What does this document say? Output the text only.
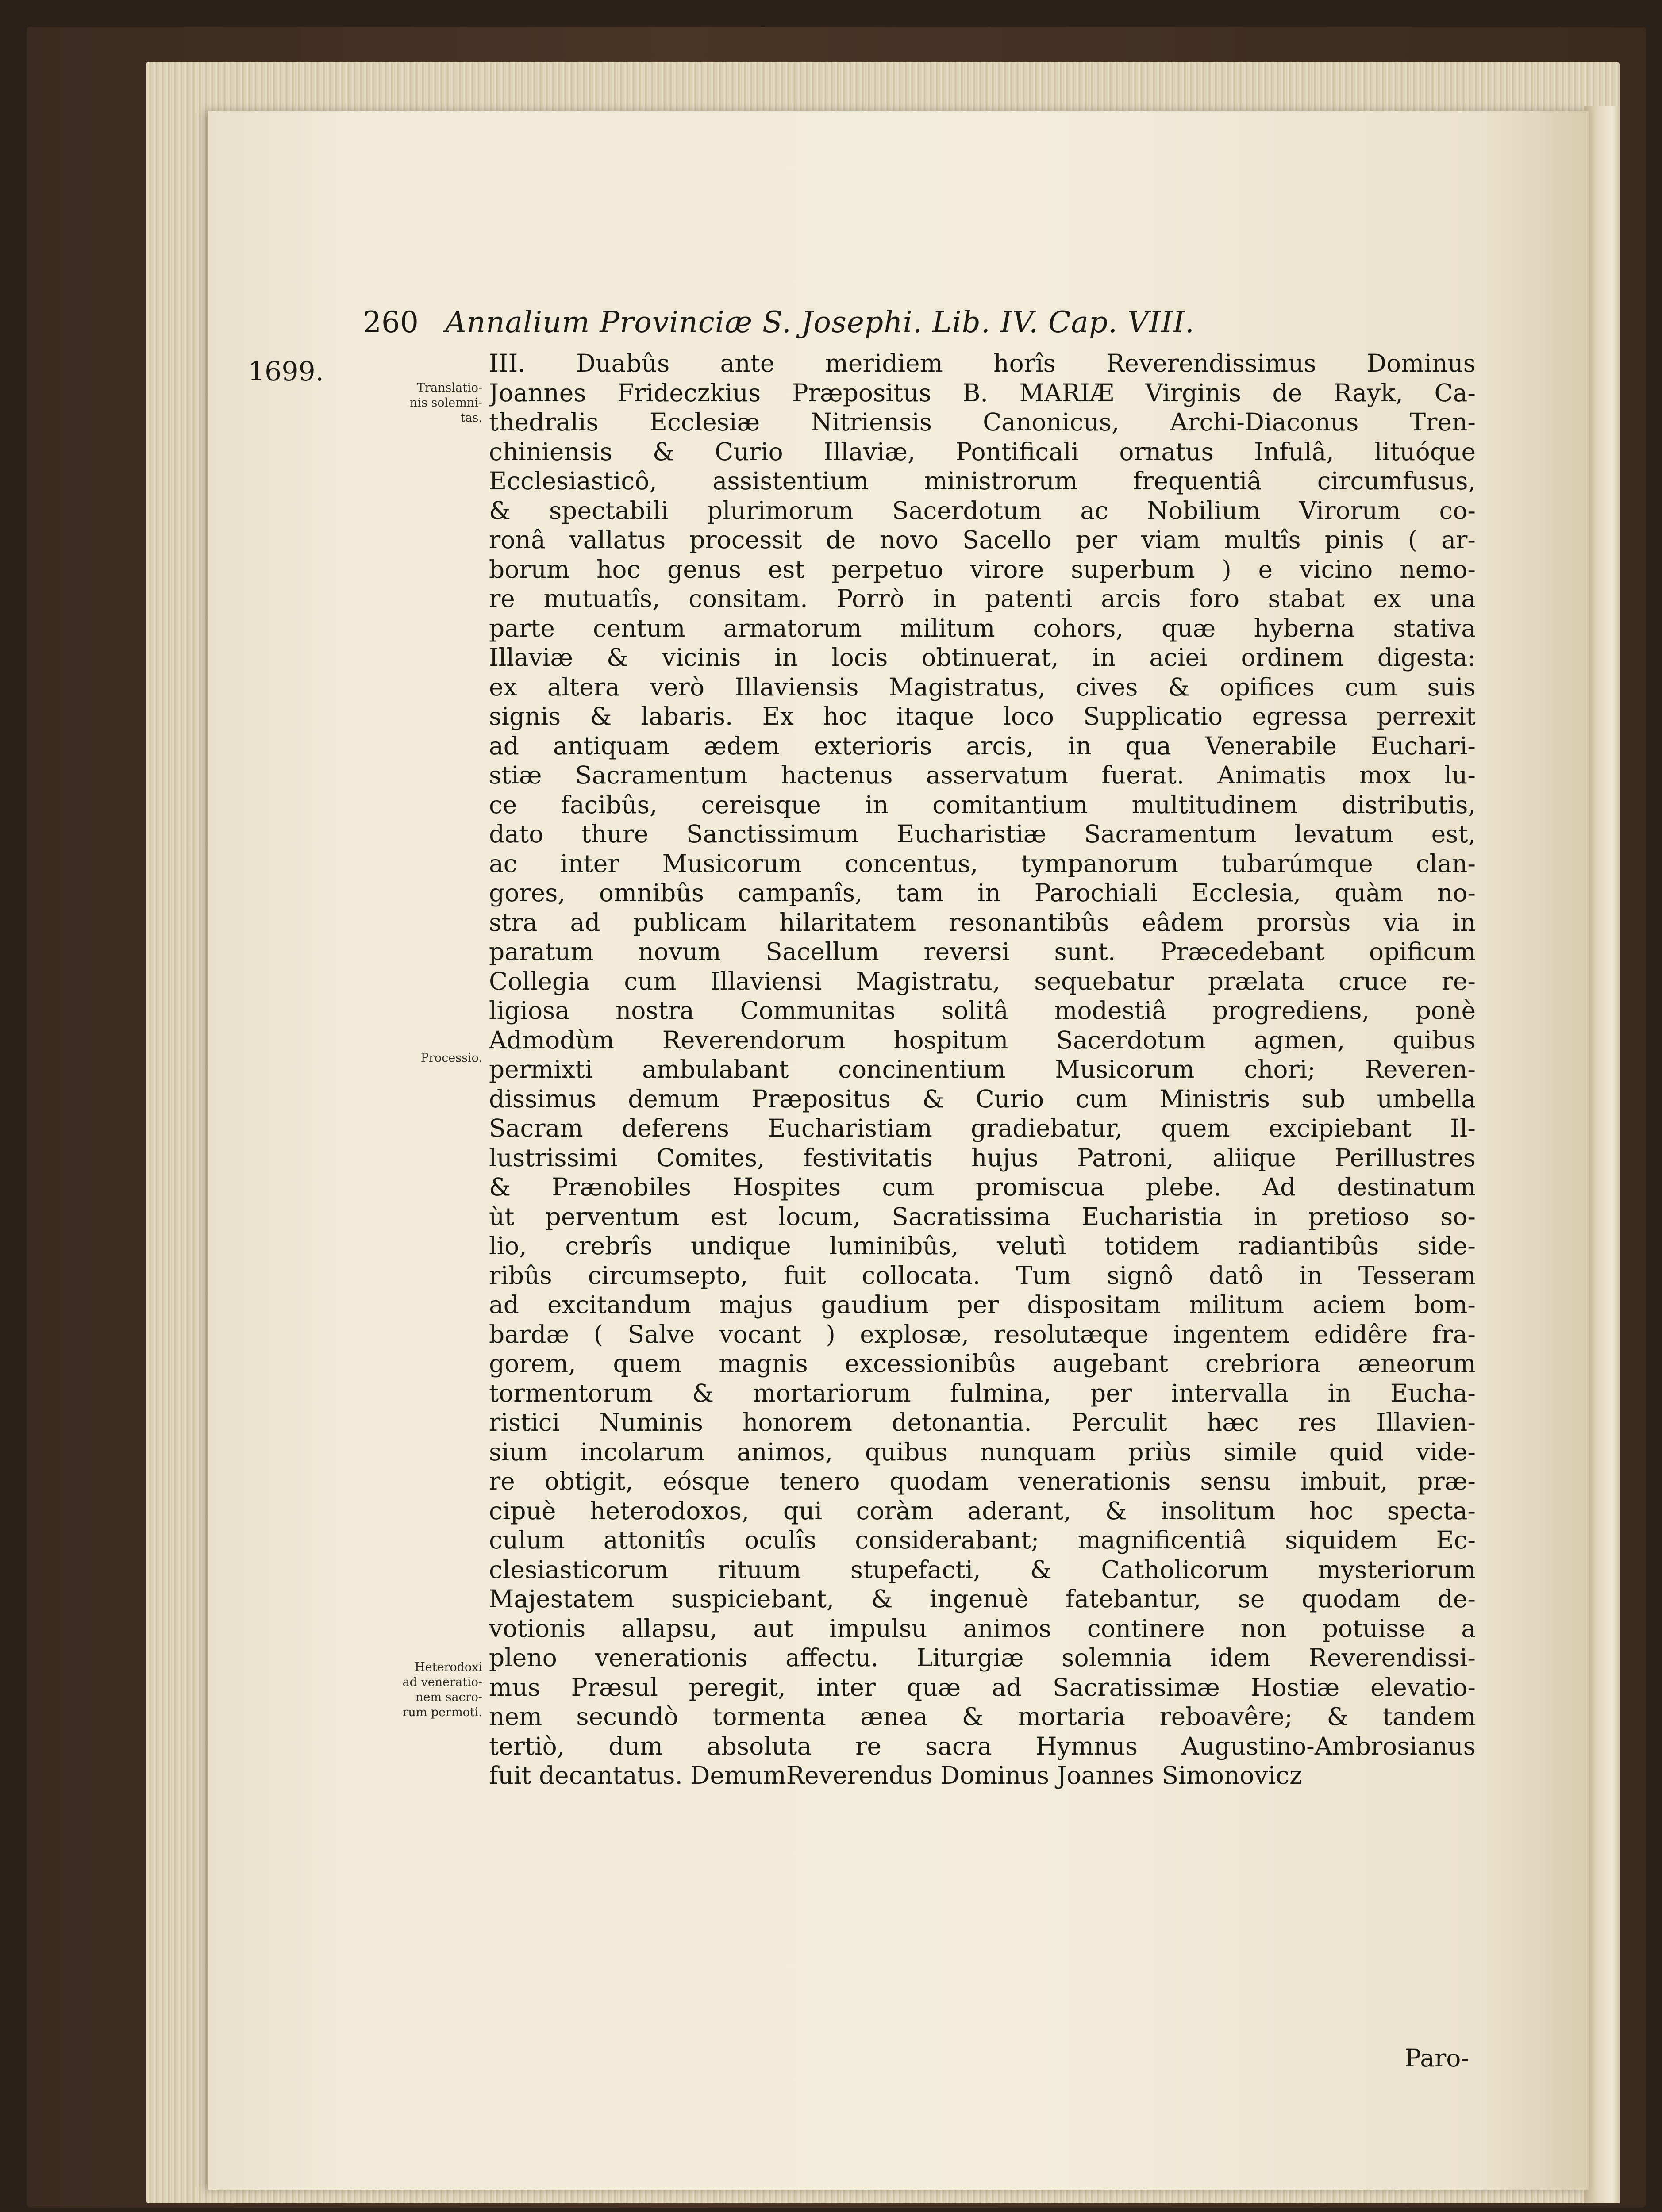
260 Annalium Provinciæ S. Josephi. Lib. IV. Cap. VIII.
1699.
Translatio-
nis solemni-
tas.
Processio.
Heterodoxi
ad veneratio-
nem sacro-
rum permoti.
III. Duabûs ante meridiem horîs Reverendissimus Dominus
Joannes Frideczkius Præpositus B. MARIÆ Virginis de Rayk, Ca-
thedralis Ecclesiæ Nitriensis Canonicus, Archi-Diaconus Tren-
chiniensis & Curio Illaviæ, Pontificali ornatus Infulâ, lituóque
Ecclesiasticô, assistentium ministrorum frequentiâ circumfusus,
& spectabili plurimorum Sacerdotum ac Nobilium Virorum co-
ronâ vallatus processit de novo Sacello per viam multîs pinis ( ar-
borum hoc genus est perpetuo virore superbum ) e vicino nemo-
re mutuatîs, consitam. Porrò in patenti arcis foro stabat ex una
parte centum armatorum militum cohors, quæ hyberna stativa
Illaviæ & vicinis in locis obtinuerat, in aciei ordinem digesta:
ex altera verò Illaviensis Magistratus, cives & opifices cum suis
signis & labaris. Ex hoc itaque loco Supplicatio egressa perrexit
ad antiquam ædem exterioris arcis, in qua Venerabile Euchari-
stiæ Sacramentum hactenus asservatum fuerat. Animatis mox lu-
ce facibûs, cereisque in comitantium multitudinem distributis,
dato thure Sanctissimum Eucharistiæ Sacramentum levatum est,
ac inter Musicorum concentus, tympanorum tubarúmque clan-
gores, omnibûs campanîs, tam in Parochiali Ecclesia, quàm no-
stra ad publicam hilaritatem resonantibûs eâdem prorsùs via in
paratum novum Sacellum reversi sunt. Præcedebant opificum
Collegia cum Illaviensi Magistratu, sequebatur prælata cruce re-
ligiosa nostra Communitas solitâ modestiâ progrediens, ponè
Admodùm Reverendorum hospitum Sacerdotum agmen, quibus
permixti ambulabant concinentium Musicorum chori; Reveren-
dissimus demum Præpositus & Curio cum Ministris sub umbella
Sacram deferens Eucharistiam gradiebatur, quem excipiebant Il-
lustrissimi Comites, festivitatis hujus Patroni, aliique Perillustres
& Prænobiles Hospites cum promiscua plebe. Ad destinatum
ùt perventum est locum, Sacratissima Eucharistia in pretioso so-
lio, crebrîs undique luminibûs, velutì totidem radiantibûs side-
ribûs circumsepto, fuit collocata. Tum signô datô in Tesseram
ad excitandum majus gaudium per dispositam militum aciem bom-
bardæ ( Salve vocant ) explosæ, resolutæque ingentem edidêre fra-
gorem, quem magnis excessionibûs augebant crebriora æneorum
tormentorum & mortariorum fulmina, per intervalla in Eucha-
ristici Numinis honorem detonantia. Perculit hæc res Illavien-
sium incolarum animos, quibus nunquam priùs simile quid vide-
re obtigit, eósque tenero quodam venerationis sensu imbuit, præ-
cipuè heterodoxos, qui coràm aderant, & insolitum hoc specta-
culum attonitîs oculîs considerabant; magnificentiâ siquidem Ec-
clesiasticorum rituum stupefacti, & Catholicorum mysteriorum
Majestatem suspiciebant, & ingenuè fatebantur, se quodam de-
votionis allapsu, aut impulsu animos continere non potuisse a
pleno venerationis affectu. Liturgiæ solemnia idem Reverendissi-
mus Præsul peregit, inter quæ ad Sacratissimæ Hostiæ elevatio-
nem secundò tormenta ænea & mortaria reboavêre; & tandem
tertiò, dum absoluta re sacra Hymnus Augustino-Ambrosianus
fuit decantatus. DemumReverendus Dominus Joannes Simonovicz
Paro-
